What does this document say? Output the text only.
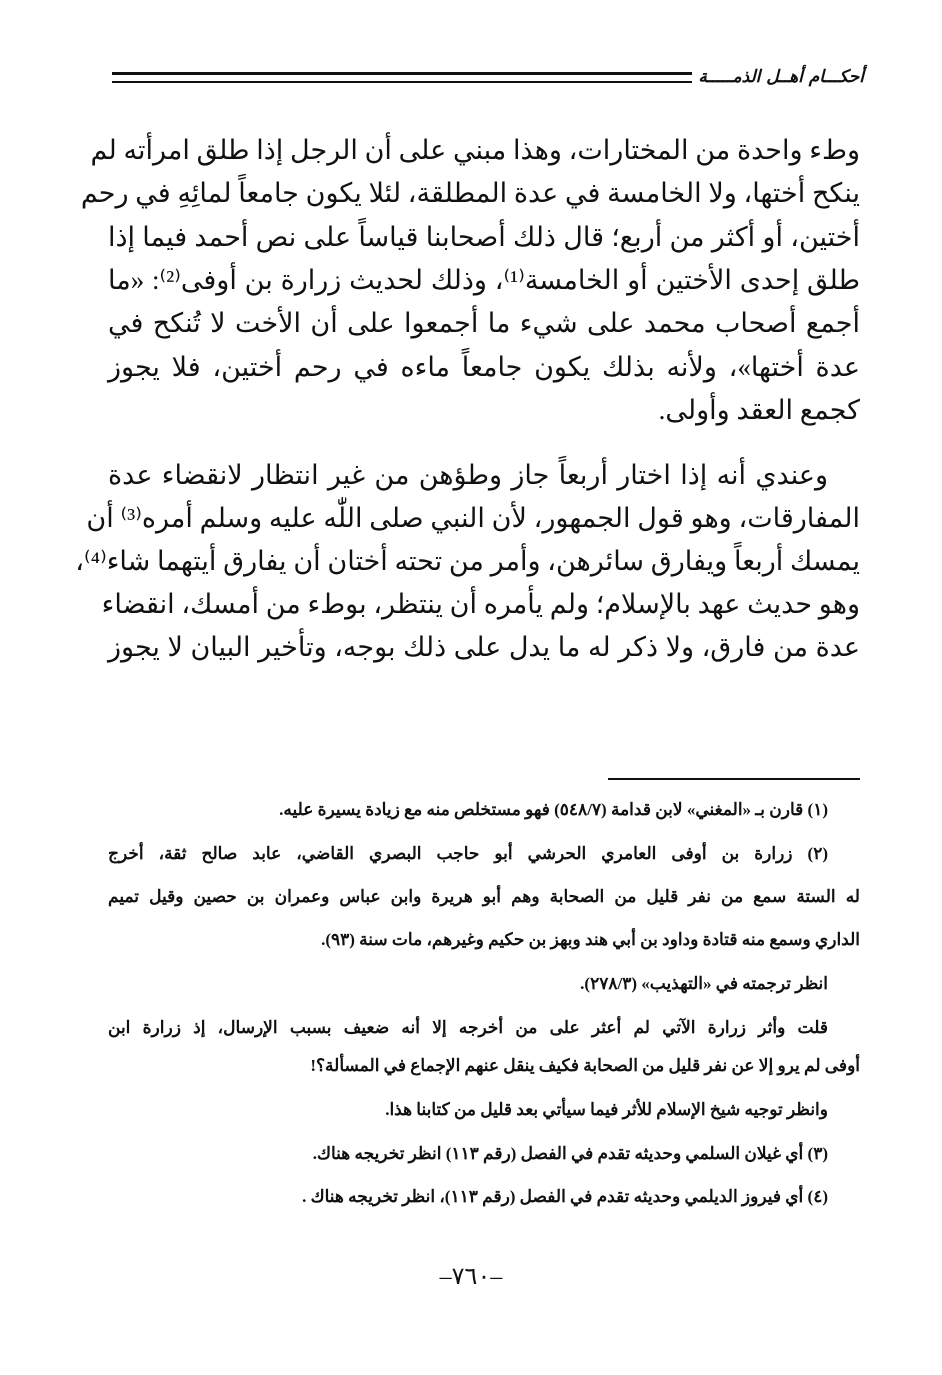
أحكـــام أهــل الذمـــــة
وطء واحدة من المختارات، وهذا مبني على أن الرجل إذا طلق امرأته لم
ينكح أختها، ولا الخامسة في عدة المطلقة، لئلا يكون جامعاً لمائِهِ في رحم
أختين، أو أكثر من أربع؛ قال ذلك أصحابنا قياساً على نص أحمد فيما إذا
طلق إحدى الأختين أو الخامسة⁽¹⁾، وذلك لحديث زرارة بن أوفى⁽²⁾: «ما
أجمع أصحاب محمد على شيء ما أجمعوا على أن الأخت لا تُنكح في
عدة أختها»، ولأنه بذلك يكون جامعاً ماءه في رحم أختين، فلا يجوز
كجمع العقد وأولى.
وعندي أنه إذا اختار أربعاً جاز وطؤهن من غير انتظار لانقضاء عدة
المفارقات، وهو قول الجمهور، لأن النبي صلى اللّٰه عليه وسلم أمره⁽³⁾ أن
يمسك أربعاً ويفارق سائرهن، وأمر من تحته أختان أن يفارق أيتهما شاء⁽⁴⁾،
وهو حديث عهد بالإسلام؛ ولم يأمره أن ينتظر، بوطء من أمسك، انقضاء
عدة من فارق، ولا ذكر له ما يدل على ذلك بوجه، وتأخير البيان لا يجوز
(١) قارن بـ «المغني» لابن قدامة (٥٤٨/٧) فهو مستخلص منه مع زيادة يسيرة عليه.
(٢) زرارة بن أوفى العامري الحرشي أبو حاجب البصري القاضي، عابد صالح ثقة، أخرج
له الستة سمع من نفر قليل من الصحابة وهم أبو هريرة وابن عباس وعمران بن حصين وقيل تميم
الداري وسمع منه قتادة وداود بن أبي هند وبهز بن حكيم وغيرهم، مات سنة (٩٣).
انظر ترجمته في «التهذيب» (٢٧٨/٣).
قلت وأثر زرارة الآتي لم أعثر على من أخرجه إلا أنه ضعيف بسبب الإرسال، إذ زرارة ابن
أوفى لم يرو إلا عن نفر قليل من الصحابة فكيف ينقل عنهم الإجماع في المسألة؟!
وانظر توجيه شيخ الإسلام للأثر فيما سيأتي بعد قليل من كتابنا هذا.
(٣) أي غيلان السلمي وحديثه تقدم في الفصل (رقم ١١٣) انظر تخريجه هناك.
(٤) أي فيروز الديلمي وحديثه تقدم في الفصل (رقم ١١٣)، انظر تخريجه هناك .
–٧٦٠–
